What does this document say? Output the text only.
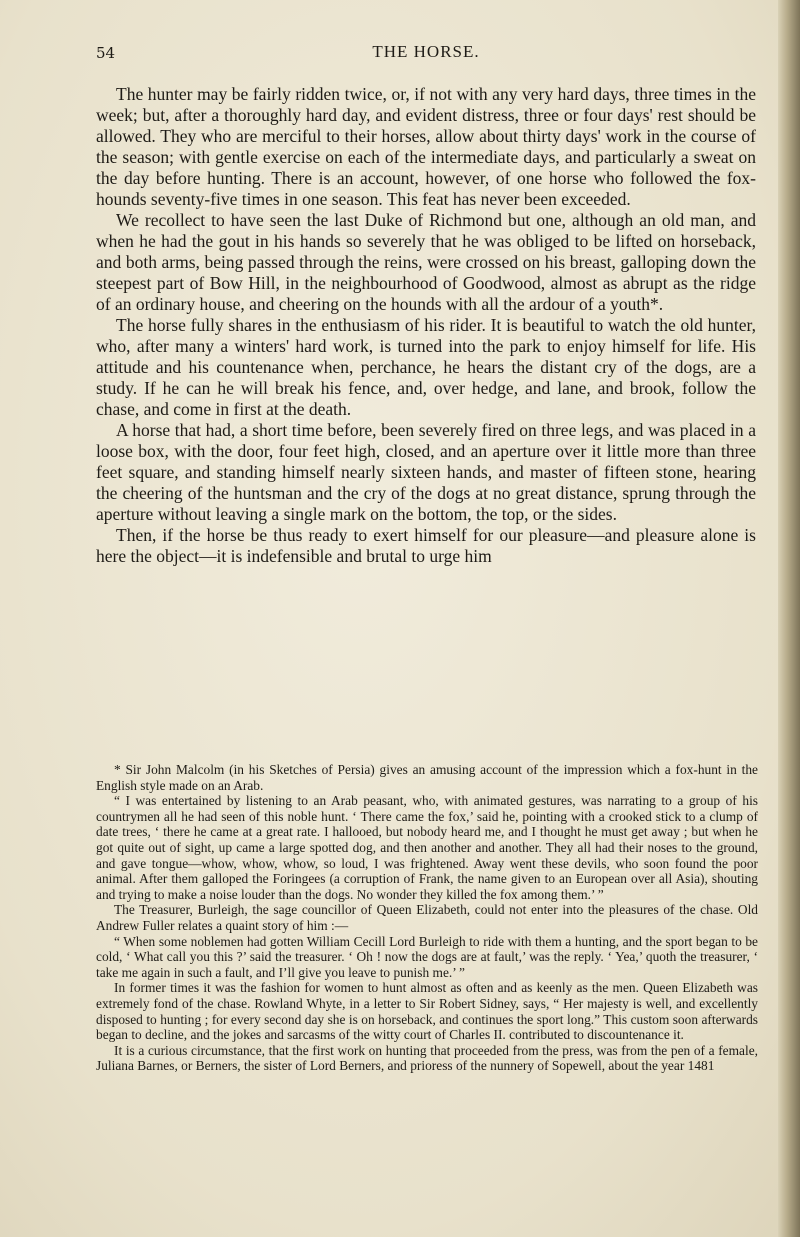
54	THE HORSE.

The hunter may be fairly ridden twice, or, if not with any very hard days, three times in the week; but, after a thoroughly hard day, and evident distress, three or four days' rest should be allowed. They who are merciful to their horses, allow about thirty days' work in the course of the season; with gentle exercise on each of the intermediate days, and particularly a sweat on the day before hunting. There is an account, however, of one horse who followed the fox-hounds seventy-five times in one season. This feat has never been exceeded.

We recollect to have seen the last Duke of Richmond but one, although an old man, and when he had the gout in his hands so severely that he was obliged to be lifted on horseback, and both arms, being passed through the reins, were crossed on his breast, galloping down the steepest part of Bow Hill, in the neighbourhood of Goodwood, almost as abrupt as the ridge of an ordinary house, and cheering on the hounds with all the ardour of a youth*.

The horse fully shares in the enthusiasm of his rider. It is beautiful to watch the old hunter, who, after many a winters' hard work, is turned into the park to enjoy himself for life. His attitude and his countenance when, perchance, he hears the distant cry of the dogs, are a study. If he can he will break his fence, and, over hedge, and lane, and brook, follow the chase, and come in first at the death.

A horse that had, a short time before, been severely fired on three legs, and was placed in a loose box, with the door, four feet high, closed, and an aperture over it little more than three feet square, and standing himself nearly sixteen hands, and master of fifteen stone, hearing the cheering of the huntsman and the cry of the dogs at no great distance, sprung through the aperture without leaving a single mark on the bottom, the top, or the sides.

Then, if the horse be thus ready to exert himself for our pleasure—and pleasure alone is here the object—it is indefensible and brutal to urge him

* Sir John Malcolm (in his Sketches of Persia) gives an amusing account of the impression which a fox-hunt in the English style made on an Arab.

“ I was entertained by listening to an Arab peasant, who, with animated gestures, was narrating to a group of his countrymen all he had seen of this noble hunt. ‘ There came the fox,’ said he, pointing with a crooked stick to a clump of date trees, ‘ there he came at a great rate. I hallooed, but nobody heard me, and I thought he must get away ; but when he got quite out of sight, up came a large spotted dog, and then another and another. They all had their noses to the ground, and gave tongue—whow, whow, whow, so loud, I was frightened. Away went these devils, who soon found the poor animal. After them galloped the Foringees (a corruption of Frank, the name given to an European over all Asia), shouting and trying to make a noise louder than the dogs. No wonder they killed the fox among them.’ ”

The Treasurer, Burleigh, the sage councillor of Queen Elizabeth, could not enter into the pleasures of the chase. Old Andrew Fuller relates a quaint story of him :—

“ When some noblemen had gotten William Cecill Lord Burleigh to ride with them a hunting, and the sport began to be cold, ‘ What call you this ?’ said the treasurer. ‘ Oh ! now the dogs are at fault,’ was the reply. ‘ Yea,’ quoth the treasurer, ‘ take me again in such a fault, and I’ll give you leave to punish me.’ ”

In former times it was the fashion for women to hunt almost as often and as keenly as the men. Queen Elizabeth was extremely fond of the chase. Rowland Whyte, in a letter to Sir Robert Sidney, says, “ Her majesty is well, and excellently disposed to hunting ; for every second day she is on horseback, and continues the sport long.” This custom soon afterwards began to decline, and the jokes and sarcasms of the witty court of Charles II. contributed to discountenance it.

It is a curious circumstance, that the first work on hunting that proceeded from the press, was from the pen of a female, Juliana Barnes, or Berners, the sister of Lord Berners, and prioress of the nunnery of Sopewell, about the year 1481
